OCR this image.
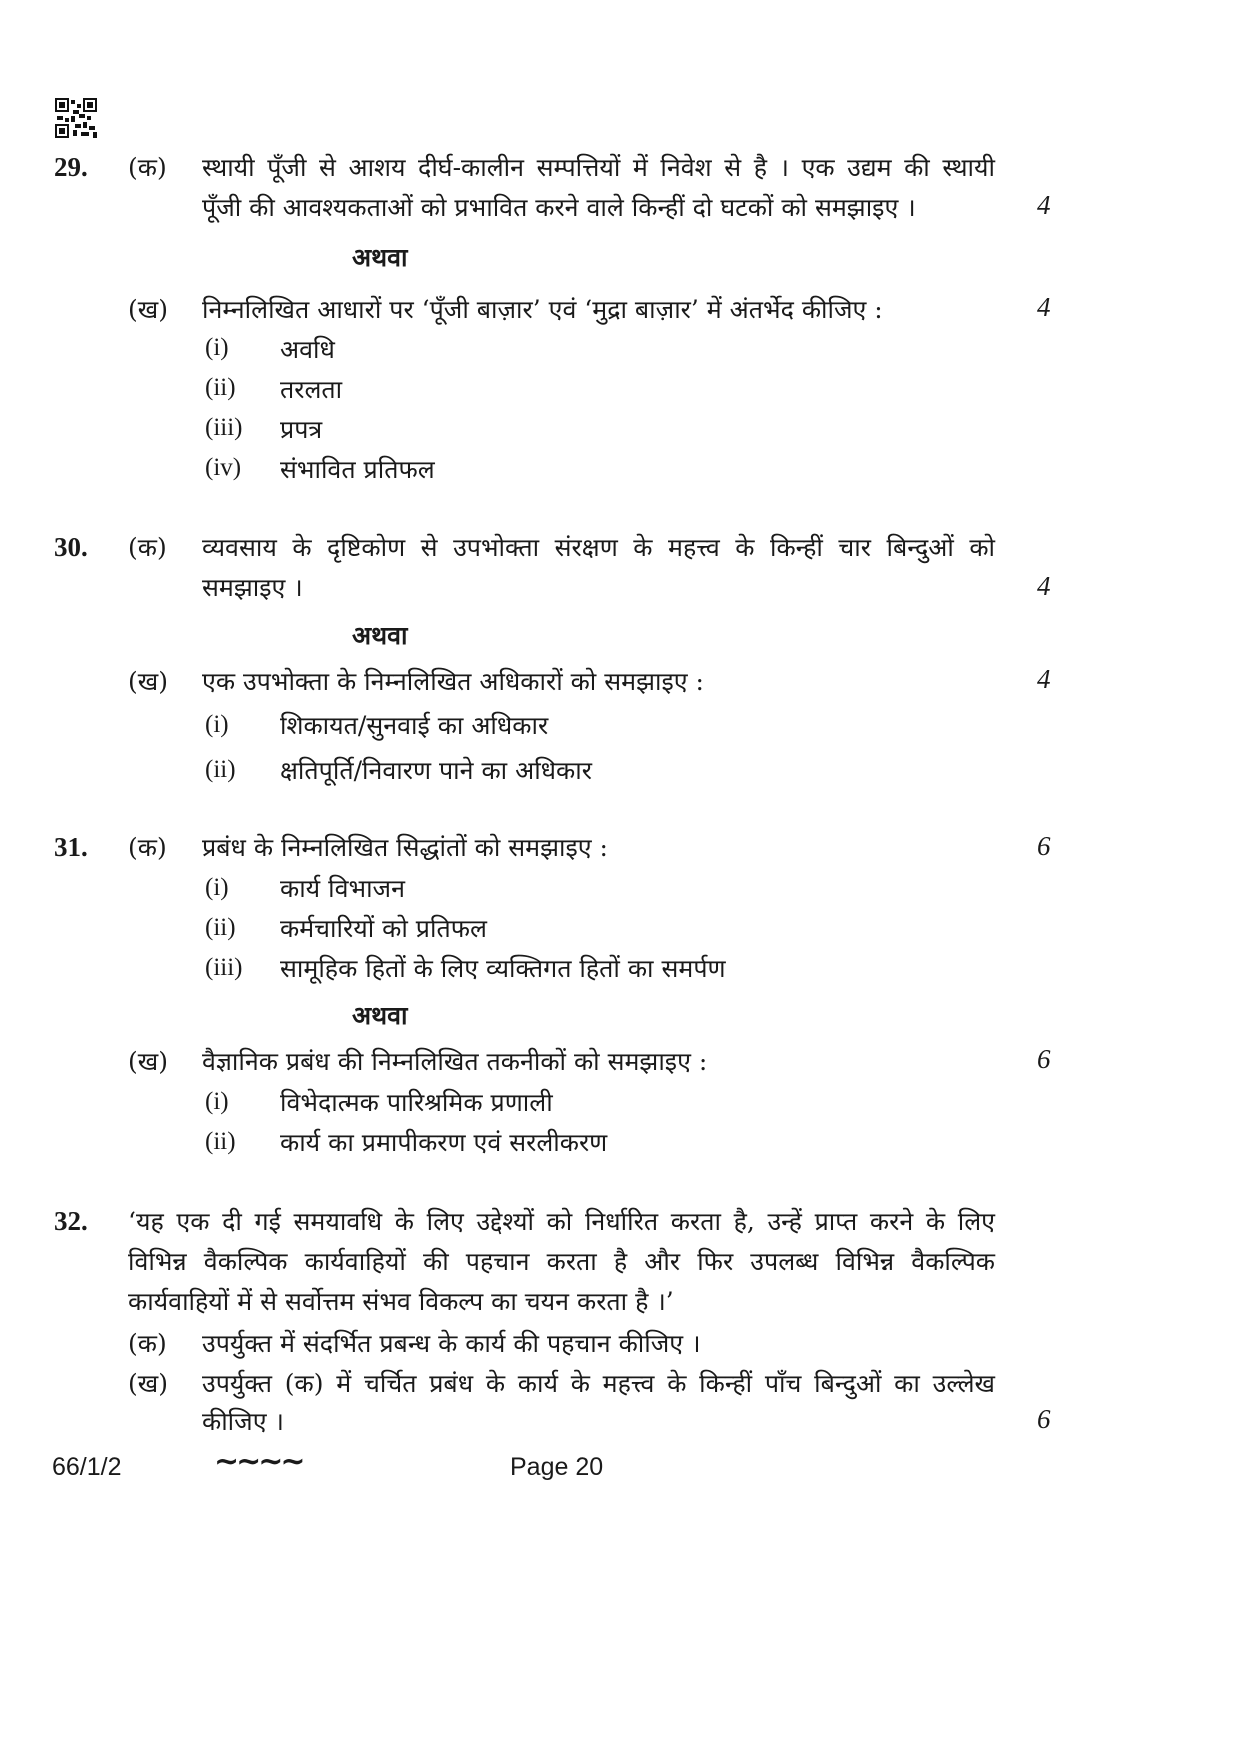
29. (क) स्थायी पूँजी से आशय दीर्घ-कालीन सम्पत्तियों में निवेश से है । एक उद्यम की स्थायी
पूँजी की आवश्यकताओं को प्रभावित करने वाले किन्हीं दो घटकों को समझाइए ।	4
अथवा
(ख) निम्नलिखित आधारों पर ‘पूँजी बाज़ार’ एवं ‘मुद्रा बाज़ार’ में अंतर्भेद कीजिए :	4
(i) अवधि
(ii) तरलता
(iii) प्रपत्र
(iv) संभावित प्रतिफल
30. (क) व्यवसाय के दृष्टिकोण से उपभोक्ता संरक्षण के महत्त्व के किन्हीं चार बिन्दुओं को
समझाइए ।	4
अथवा
(ख) एक उपभोक्ता के निम्नलिखित अधिकारों को समझाइए :	4
(i) शिकायत/सुनवाई का अधिकार
(ii) क्षतिपूर्ति/निवारण पाने का अधिकार
31. (क) प्रबंध के निम्नलिखित सिद्धांतों को समझाइए :	6
(i) कार्य विभाजन
(ii) कर्मचारियों को प्रतिफल
(iii) सामूहिक हितों के लिए व्यक्तिगत हितों का समर्पण
अथवा
(ख) वैज्ञानिक प्रबंध की निम्नलिखित तकनीकों को समझाइए :	6
(i) विभेदात्मक पारिश्रमिक प्रणाली
(ii) कार्य का प्रमापीकरण एवं सरलीकरण
32. ‘यह एक दी गई समयावधि के लिए उद्देश्यों को निर्धारित करता है, उन्हें प्राप्त करने के लिए
विभिन्न वैकल्पिक कार्यवाहियों की पहचान करता है और फिर उपलब्ध विभिन्न वैकल्पिक
कार्यवाहियों में से सर्वोत्तम संभव विकल्प का चयन करता है ।’
(क) उपर्युक्त में संदर्भित प्रबन्ध के कार्य की पहचान कीजिए ।
(ख) उपर्युक्त (क) में चर्चित प्रबंध के कार्य के महत्त्व के किन्हीं पाँच बिन्दुओं का उल्लेख
कीजिए ।	6
66/1/2	∼∼∼∼	Page 20
